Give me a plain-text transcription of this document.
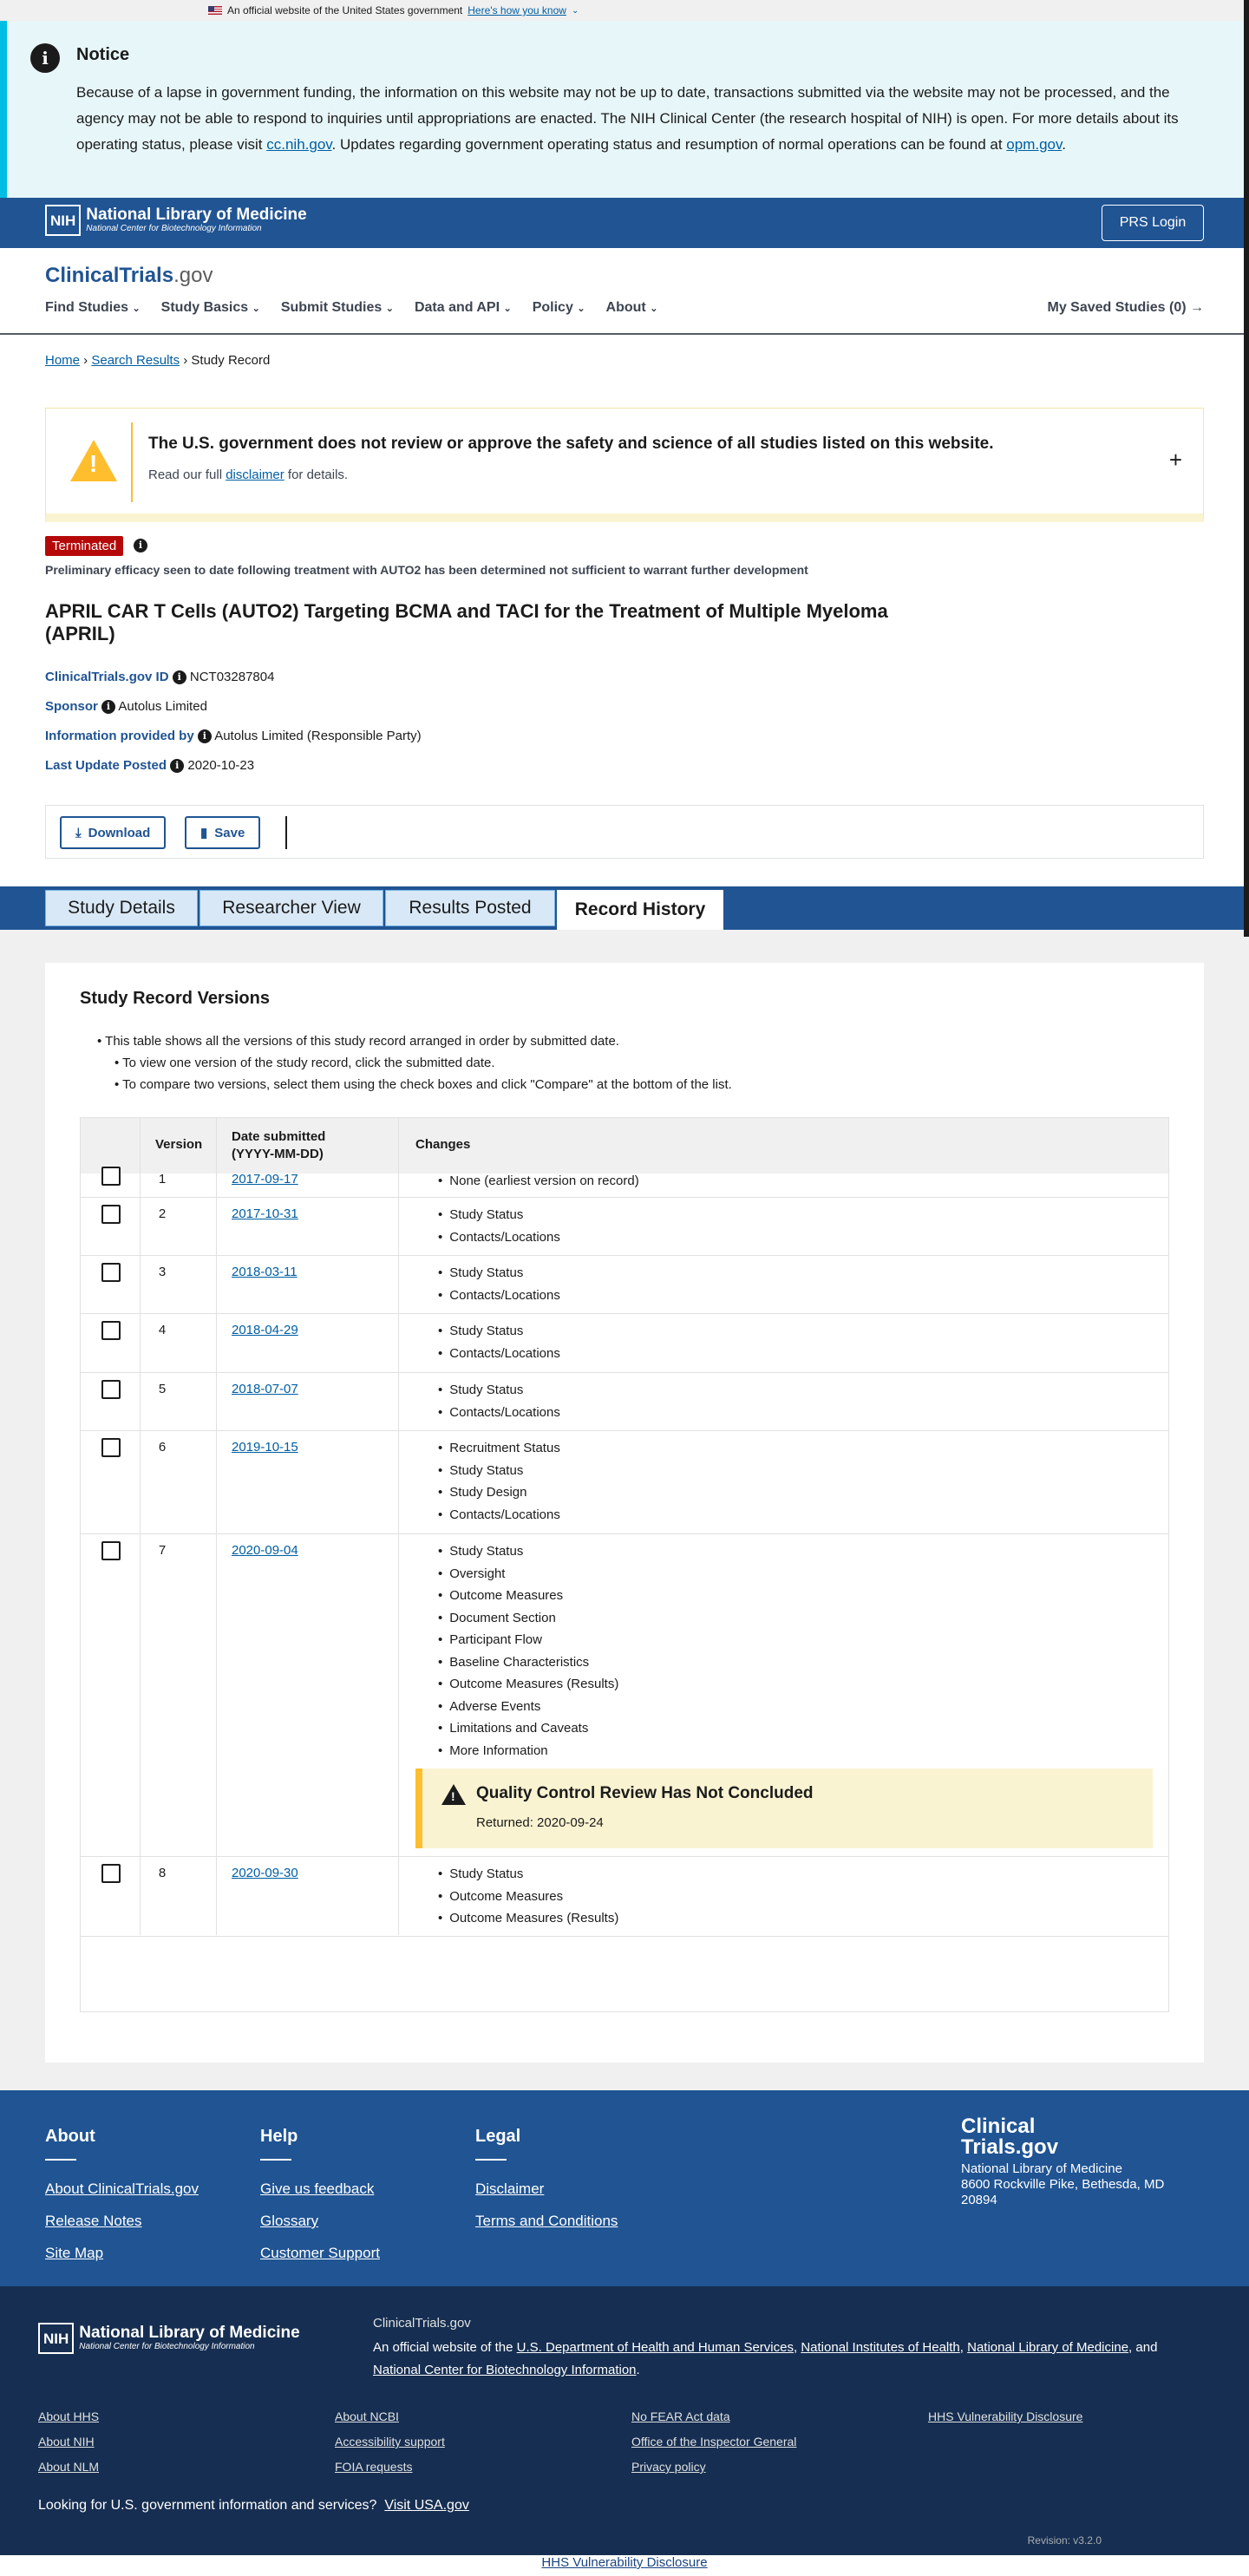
An official website of the United States government Here's how you know ⌄
i	Notice

Because of a lapse in government funding, the information on this website may not be up to date, transactions submitted via the website may not be processed, and the agency may not be able to respond to inquiries until appropriations are enacted. The NIH Clinical Center (the research hospital of NIH) is open. For more details about its operating status, please visit cc.nih.gov. Updates regarding government operating status and resumption of normal operations can be found at opm.gov.

NIH National Library of Medicine
National Center for Biotechnology Information	PRS Login
ClinicalTrials.gov
Find Studies ⌄ Study Basics ⌄ Submit Studies ⌄ Data and API ⌄ Policy ⌄ About ⌄	My Saved Studies (0) →
Home › Search Results › Study Record
!
The U.S. government does not review or approve the safety and science of all studies listed on this website.

Read our full disclaimer for details.

+
Terminated	i
Preliminary efficacy seen to date following treatment with AUTO2 has been determined not sufficient to warrant further development
APRIL CAR T Cells (AUTO2) Targeting BCMA and TACI for the Treatment of Multiple Myeloma (APRIL)
ClinicalTrials.gov ID i NCT03287804
Sponsor i Autolus Limited
Information provided by i Autolus Limited (Responsible Party)
Last Update Posted i 2020-10-23
⤓ Download	▮ Save
Study Details	Researcher View	Results Posted	Record History
Study Record Versions
• This table shows all the versions of this study record arranged in order by submitted date.
• To view one version of the study record, click the submitted date.
• To compare two versions, select them using the check boxes and click "Compare" at the bottom of the list.
Version
Date submitted
(YYYY-MM-DD)
Changes
1	2017-09-17	• None (earliest version on record)
2	2017-10-31	• Study Status
• Contacts/Locations
3	2018-03-11	• Study Status
• Contacts/Locations
4	2018-04-29	• Study Status
• Contacts/Locations
5	2018-07-07	• Study Status
• Contacts/Locations
6	2019-10-15	• Recruitment Status
• Study Status
• Study Design
• Contacts/Locations
7	2020-09-04	• Study Status
• Oversight
• Outcome Measures
• Document Section
• Participant Flow
• Baseline Characteristics
• Outcome Measures (Results)
• Adverse Events
• Limitations and Caveats
• More Information
!
Quality Control Review Has Not Concluded

Returned: 2020-09-24

8	2020-09-30	• Study Status
• Outcome Measures
• Outcome Measures (Results)
About
About ClinicalTrials.gov
Release Notes
Site Map
Help
Give us feedback
Glossary
Customer Support
Legal
Disclaimer
Terms and Conditions
Clinical
Trials.gov
National Library of Medicine
8600 Rockville Pike, Bethesda, MD
20894
NIH National Library of Medicine
National Center for Biotechnology Information
ClinicalTrials.gov
An official website of the U.S. Department of Health and Human Services, National Institutes of Health, National Library of Medicine, and National Center for Biotechnology Information.
About HHS
About NIH
About NLM
About NCBI
Accessibility support
FOIA requests
No FEAR Act data
Office of the Inspector General
Privacy policy
HHS Vulnerability Disclosure
Looking for U.S. government information and services? Visit USA.gov
Revision: v3.2.0
HHS Vulnerability Disclosure
